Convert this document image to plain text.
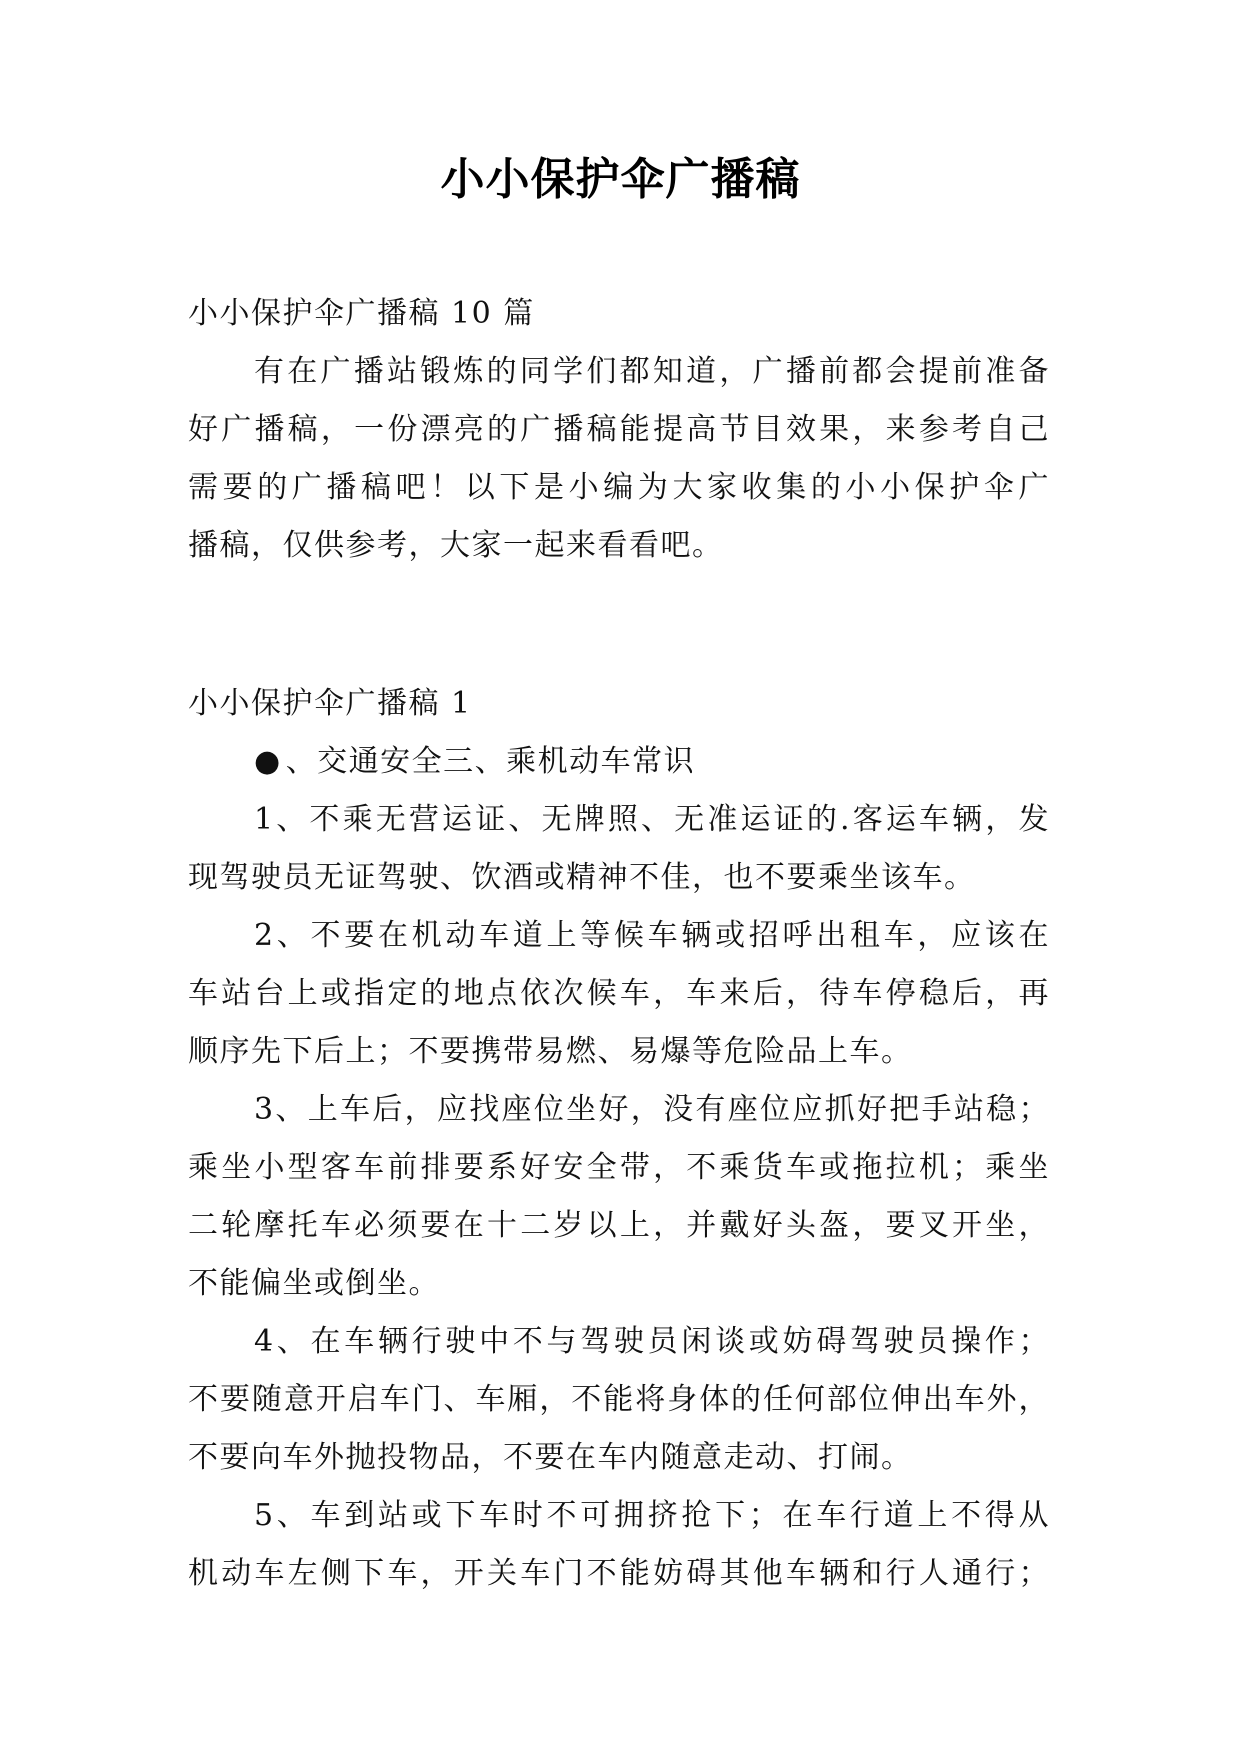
小小保护伞广播稿
小小保护伞广播稿 10 篇
有在广播站锻炼的同学们都知道，广播前都会提前准备
好广播稿，一份漂亮的广播稿能提高节目效果，来参考自己
需要的广播稿吧！以下是小编为大家收集的小小保护伞广
播稿，仅供参考，大家一起来看看吧。
小小保护伞广播稿 1
● 、交通安全三、乘机动车常识
1、不乘无营运证、无牌照、无准运证的.客运车辆，发
现驾驶员无证驾驶、饮酒或精神不佳，也不要乘坐该车。
2、不要在机动车道上等候车辆或招呼出租车，应该在
车站台上或指定的地点依次候车，车来后，待车停稳后，再
顺序先下后上；不要携带易燃、易爆等危险品上车。
3、上车后，应找座位坐好，没有座位应抓好把手站稳；
乘坐小型客车前排要系好安全带，不乘货车或拖拉机；乘坐
二轮摩托车必须要在十二岁以上，并戴好头盔，要叉开坐，
不能偏坐或倒坐。
4、在车辆行驶中不与驾驶员闲谈或妨碍驾驶员操作；
不要随意开启车门、车厢，不能将身体的任何部位伸出车外，
不要向车外抛投物品，不要在车内随意走动、打闹。
5、车到站或下车时不可拥挤抢下；在车行道上不得从
机动车左侧下车，开关车门不能妨碍其他车辆和行人通行；
